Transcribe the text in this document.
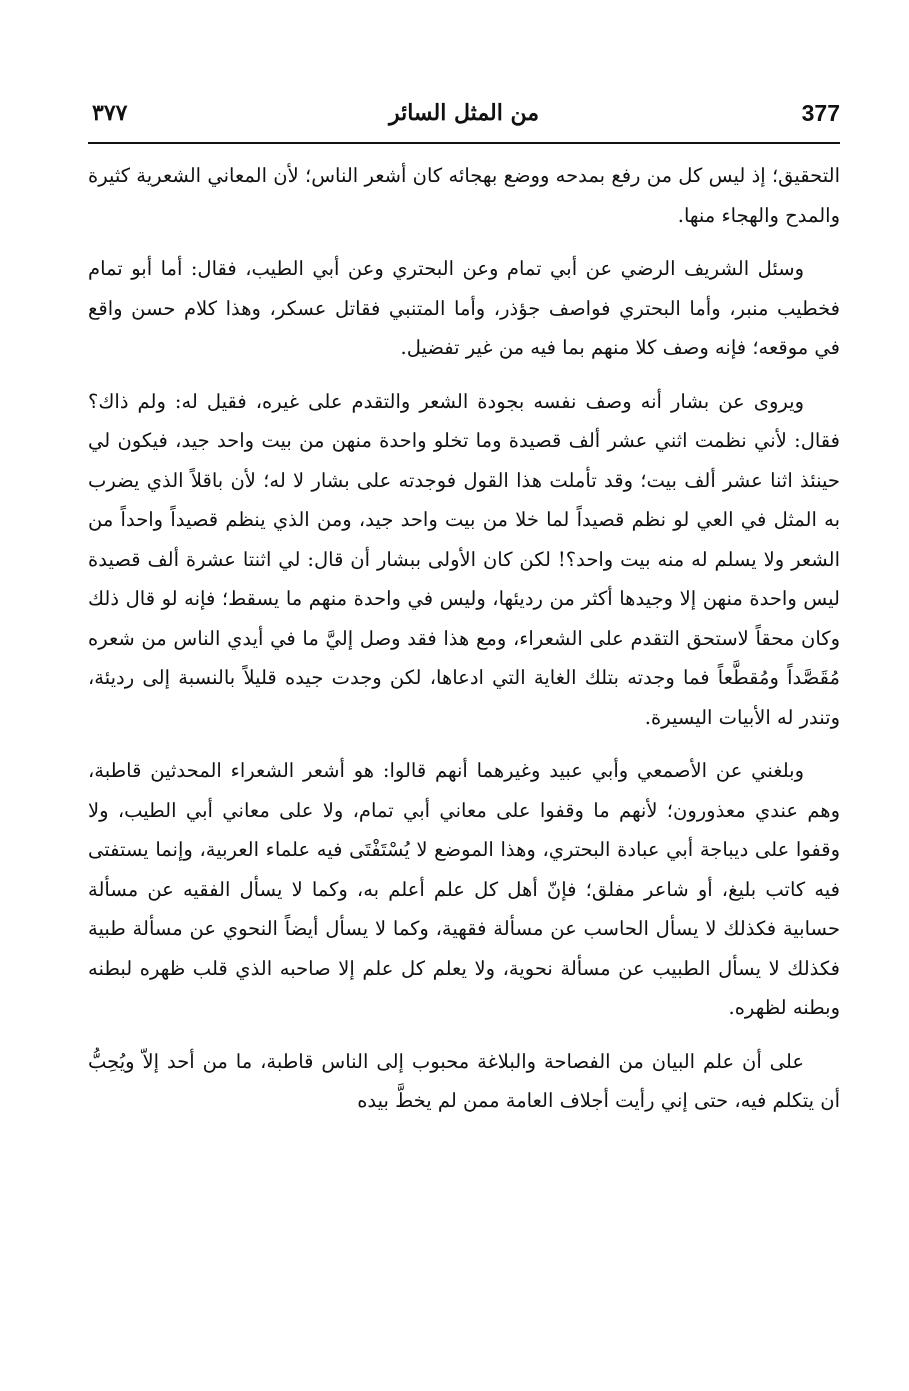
377
من المثل السائر
٣٧٧

التحقيق؛ إذ ليس كل من رفع بمدحه ووضع بهجائه كان أشعر الناس؛ لأن المعاني الشعرية كثيرة والمدح والهجاء منها.

وسئل الشريف الرضي عن أبي تمام وعن البحتري وعن أبي الطيب، فقال: أما أبو تمام فخطيب منبر، وأما البحتري فواصف جؤذر، وأما المتنبي فقاتل عسكر، وهذا كلام حسن واقع في موقعه؛ فإنه وصف كلا منهم بما فيه من غير تفضيل.

ويروى عن بشار أنه وصف نفسه بجودة الشعر والتقدم على غيره، فقيل له: ولم ذاك؟ فقال: لأني نظمت اثني عشر ألف قصيدة وما تخلو واحدة منهن من بيت واحد جيد، فيكون لي حينئذ اثنا عشر ألف بيت؛ وقد تأملت هذا القول فوجدته على بشار لا له؛ لأن باقلاً الذي يضرب به المثل في العي لو نظم قصيداً لما خلا من بيت واحد جيد، ومن الذي ينظم قصيداً واحداً من الشعر ولا يسلم له منه بيت واحد؟! لكن كان الأولى ببشار أن قال: لي اثنتا عشرة ألف قصيدة ليس واحدة منهن إلا وجيدها أكثر من رديئها، وليس في واحدة منهم ما يسقط؛ فإنه لو قال ذلك وكان محقاً لاستحق التقدم على الشعراء، ومع هذا فقد وصل إليَّ ما في أيدي الناس من شعره مُقَصَّداً ومُقطَّعاً فما وجدته بتلك الغاية التي ادعاها، لكن وجدت جيده قليلاً بالنسبة إلى رديئة، وتندر له الأبيات اليسيرة.

وبلغني عن الأصمعي وأبي عبيد وغيرهما أنهم قالوا: هو أشعر الشعراء المحدثين قاطبة، وهم عندي معذورون؛ لأنهم ما وقفوا على معاني أبي تمام، ولا على معاني أبي الطيب، ولا وقفوا على ديباجة أبي عبادة البحتري، وهذا الموضع لا يُسْتَفْتَى فيه علماء العربية، وإنما يستفتى فيه كاتب بليغ، أو شاعر مفلق؛ فإنّ أهل كل علم أعلم به، وكما لا يسأل الفقيه عن مسألة حسابية فكذلك لا يسأل الحاسب عن مسألة فقهية، وكما لا يسأل أيضاً النحوي عن مسألة طبية فكذلك لا يسأل الطبيب عن مسألة نحوية، ولا يعلم كل علم إلا صاحبه الذي قلب ظهره لبطنه وبطنه لظهره.

على أن علم البيان من الفصاحة والبلاغة محبوب إلى الناس قاطبة، ما من أحد إلاّ ويُحِبُّ أن يتكلم فيه، حتى إني رأيت أجلاف العامة ممن لم يخطَّ بيده
